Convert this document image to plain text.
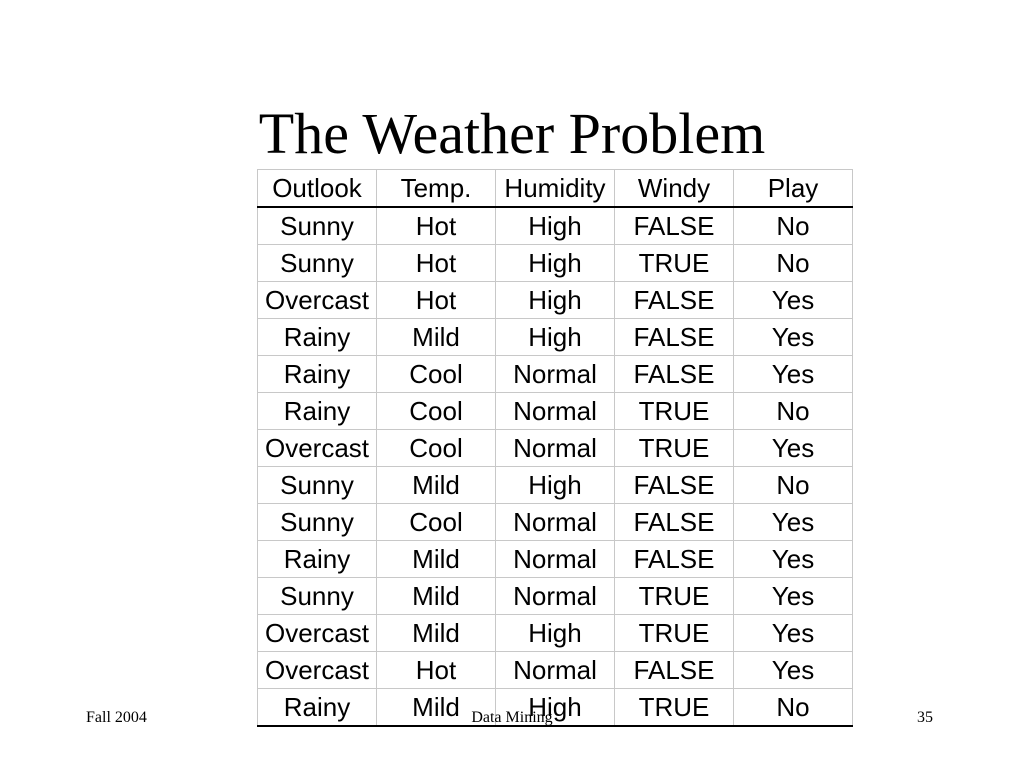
The Weather Problem
Outlook	Temp.	Humidity	Windy	Play
Sunny	Hot	High	FALSE	No
Sunny	Hot	High	TRUE	No
Overcast	Hot	High	FALSE	Yes
Rainy	Mild	High	FALSE	Yes
Rainy	Cool	Normal	FALSE	Yes
Rainy	Cool	Normal	TRUE	No
Overcast	Cool	Normal	TRUE	Yes
Sunny	Mild	High	FALSE	No
Sunny	Cool	Normal	FALSE	Yes
Rainy	Mild	Normal	FALSE	Yes
Sunny	Mild	Normal	TRUE	Yes
Overcast	Mild	High	TRUE	Yes
Overcast	Hot	Normal	FALSE	Yes
Rainy	Mild	High	TRUE	No
Fall 2004	Data Mining	35
